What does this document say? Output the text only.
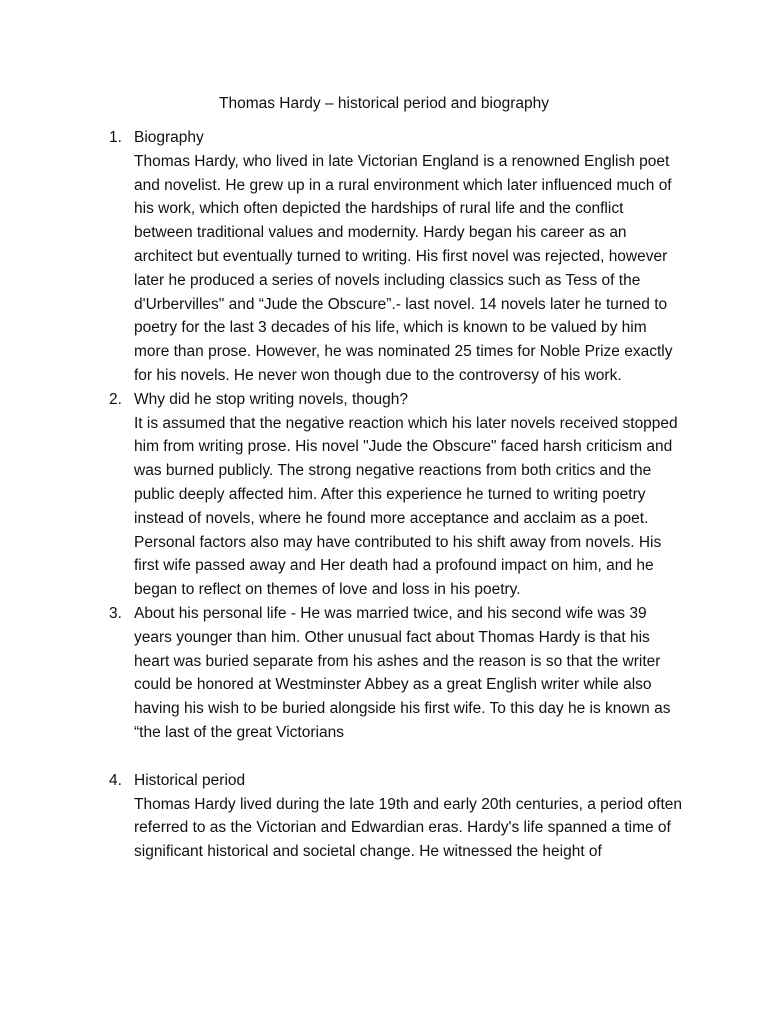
Thomas Hardy – historical period and biography
1. Biography

Thomas Hardy, who lived in late Victorian England is a renowned English poet and novelist. He grew up in a rural environment which later influenced much of his work, which often depicted the hardships of rural life and the conflict between traditional values and modernity. Hardy began his career as an architect but eventually turned to writing. His first novel was rejected, however later he produced a series of novels including classics such as Tess of the d'Urbervilles" and “Jude the Obscure”.- last novel. 14 novels later he turned to poetry for the last 3 decades of his life, which is known to be valued by him more than prose. However, he was nominated 25 times for Noble Prize exactly for his novels. He never won though due to the controversy of his work.

2. Why did he stop writing novels, though?

It is assumed that the negative reaction which his later novels received stopped him from writing prose. His novel "Jude the Obscure" faced harsh criticism and was burned publicly. The strong negative reactions from both critics and the public deeply affected him. After this experience he turned to writing poetry instead of novels, where he found more acceptance and acclaim as a poet. Personal factors also may have contributed to his shift away from novels. His first wife passed away and Her death had a profound impact on him, and he began to reflect on themes of love and loss in his poetry.

3. About his personal life - He was married twice, and his second wife was 39 years younger than him. Other unusual fact about Thomas Hardy is that his heart was buried separate from his ashes and the reason is so that the writer could be honored at Westminster Abbey as a great English writer while also having his wish to be buried alongside his first wife. To this day he is known as “the last of the great Victorians

4. Historical period

Thomas Hardy lived during the late 19th and early 20th centuries, a period often referred to as the Victorian and Edwardian eras. Hardy's life spanned a time of significant historical and societal change. He witnessed the height of
